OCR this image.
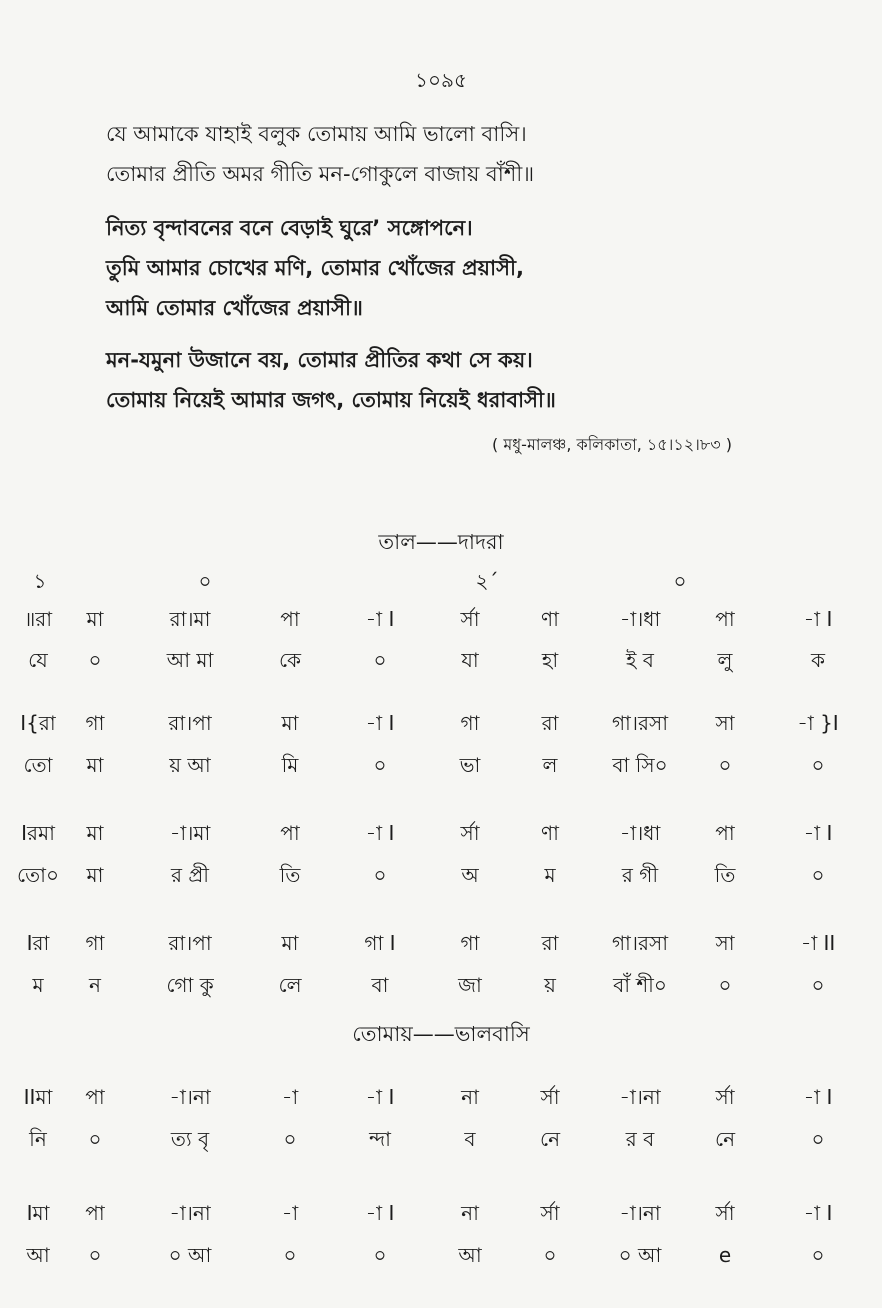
১০৯৫
যে আমাকে যাহাই বলুক তোমায় আমি ভালো বাসি।
তোমার প্রীতি অমর গীতি মন-গোকুলে বাজায় বাঁশী॥
নিত্য বৃন্দাবনের বনে বেড়াই ঘুরে’ সঙ্গোপনে।
তুমি আমার চোখের মণি, তোমার খোঁজের প্রয়াসী,
আমি তোমার খোঁজের প্রয়াসী॥
মন-যমুনা উজানে বয়, তোমার প্রীতির কথা সে কয়।
তোমায় নিয়েই আমার জগৎ, তোমায় নিয়েই ধরাবাসী॥
( মধু-মালঞ্চ, কলিকাতা, ১৫।১২।৮৩ )
তাল——দাদরা
১	০	২´	০
॥রা	মা	রা।মা	পা	-া I	র্সা	ণা	-া।ধা	পা	-া I
যে	০	আ মা	কে	০	যা	হা	ই ব	লু	ক
I{রা	গা	রা।পা	মা	-া I	গা	রা	গা।রসা	সা	-া }I
তো	মা	য় আ	মি	০	ভা	ল	বা সি০	০	০
Iরমা	মা	-া।মা	পা	-া I	র্সা	ণা	-া।ধা	পা	-া I
তো০	মা	র প্রী	তি	০	অ	ম	র গী	তি	০
Iরা	গা	রা।পা	মা	গা I	গা	রা	গা।রসা	সা	-া II
ম	ন	গো কু	লে	বা	জা	য়	বাঁ শী০	০	০
তোমায়——ভালবাসি
IIমা	পা	-া।না	-া	-া I	না	র্সা	-া।না	র্সা	-া I
নি	০	ত্য বৃ	০	ন্দা	ব	নে	র ব	নে	০
Iমা	পা	-া।না	-া	-া I	না	র্সা	-া।না	র্সা	-া I
আ	০	০ আ	০	০	আ	০	০ আ	e	০
